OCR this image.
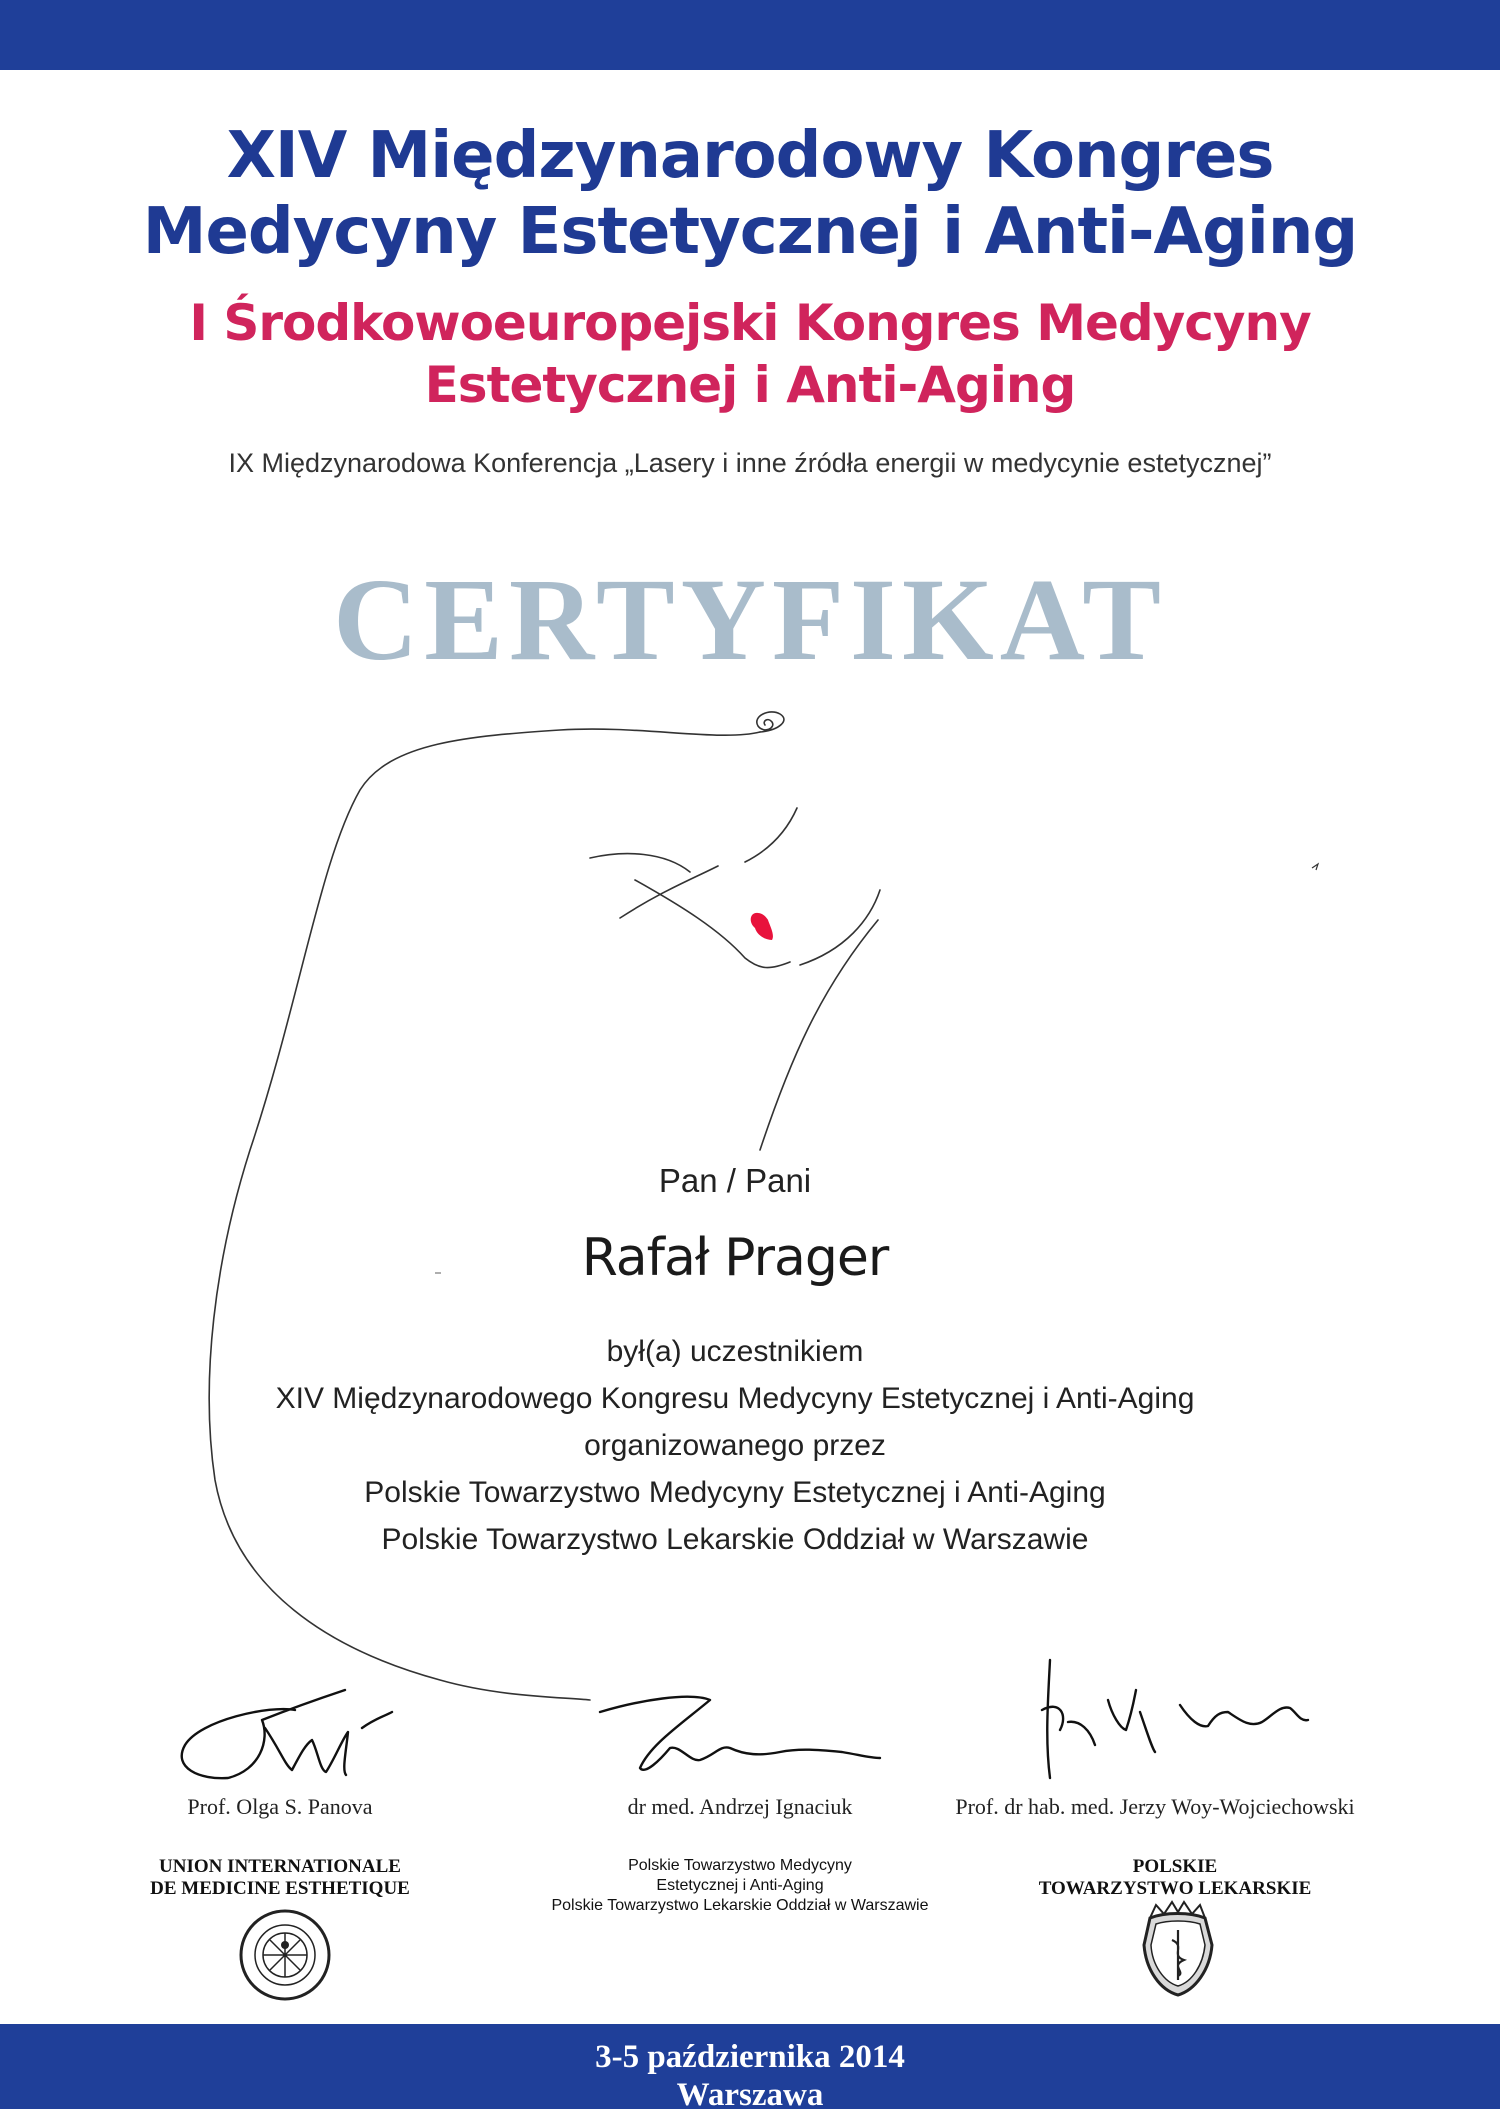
XIV Międzynarodowy Kongres
Medycyny Estetycznej i Anti-Aging
I Środkowoeuropejski Kongres Medycyny
Estetycznej i Anti-Aging
IX Międzynarodowa Konferencja „Lasery i inne źródła energii w medycynie estetycznej”
CERTYFIKAT
Pan / Pani
Rafał Prager
był(a) uczestnikiem
XIV Międzynarodowego Kongresu Medycyny Estetycznej i Anti-Aging
organizowanego przez
Polskie Towarzystwo Medycyny Estetycznej i Anti-Aging
Polskie Towarzystwo Lekarskie Oddział w Warszawie
Prof. Olga S. Panova	dr med. Andrzej Ignaciuk	Prof. dr hab. med. Jerzy Woy-Wojciechowski
UNION INTERNATIONALE
DE MEDICINE ESTHETIQUE
Polskie Towarzystwo Medycyny
Estetycznej i Anti-Aging
Polskie Towarzystwo Lekarskie Oddział w Warszawie
POLSKIE
TOWARZYSTWO LEKARSKIE
3-5 października 2014
Warszawa
